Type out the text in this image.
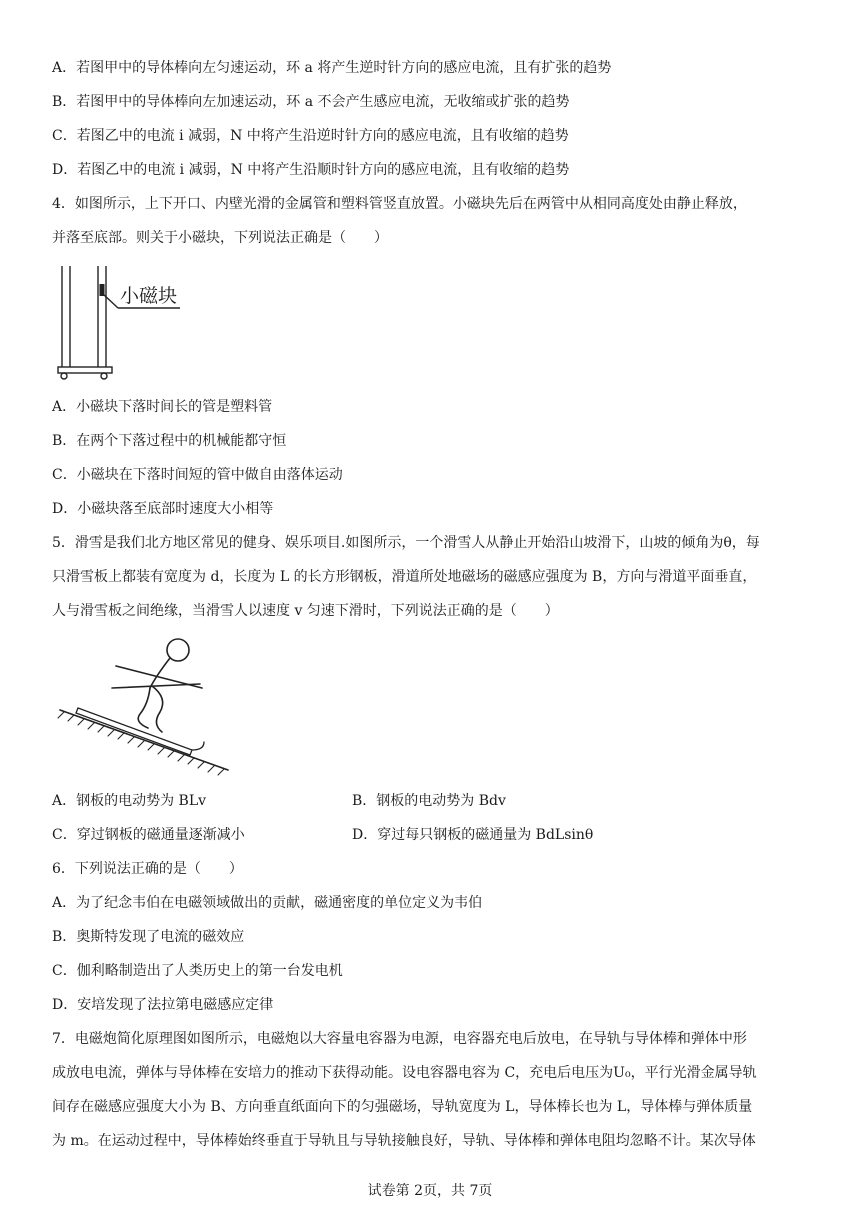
A．若图甲中的导体棒向左匀速运动，环 a 将产生逆时针方向的感应电流，且有扩张的趋势
B．若图甲中的导体棒向左加速运动，环 a 不会产生感应电流，无收缩或扩张的趋势
C．若图乙中的电流 i 减弱，N 中将产生沿逆时针方向的感应电流，且有收缩的趋势
D．若图乙中的电流 i 减弱，N 中将产生沿顺时针方向的感应电流，且有收缩的趋势
4．如图所示，上下开口、内壁光滑的金属管和塑料管竖直放置。小磁块先后在两管中从相同高度处由静止释放，
并落至底部。则关于小磁块，下列说法正确是（　　）
小磁块
A．小磁块下落时间长的管是塑料管
B．在两个下落过程中的机械能都守恒
C．小磁块在下落时间短的管中做自由落体运动
D．小磁块落至底部时速度大小相等
5．滑雪是我们北方地区常见的健身、娱乐项目.如图所示，一个滑雪人从静止开始沿山坡滑下，山坡的倾角为θ，每
只滑雪板上都装有宽度为 d，长度为 L 的长方形钢板，滑道所处地磁场的磁感应强度为 B，方向与滑道平面垂直，
人与滑雪板之间绝缘，当滑雪人以速度 v 匀速下滑时，下列说法正确的是（　　）
A．钢板的电动势为 BLv	B．钢板的电动势为 Bdv
C．穿过钢板的磁通量逐渐减小	D．穿过每只钢板的磁通量为 BdLsinθ
6．下列说法正确的是（　　）
A．为了纪念韦伯在电磁领域做出的贡献，磁通密度的单位定义为韦伯
B．奥斯特发现了电流的磁效应
C．伽利略制造出了人类历史上的第一台发电机
D．安培发现了法拉第电磁感应定律
7．电磁炮简化原理图如图所示，电磁炮以大容量电容器为电源，电容器充电后放电，在导轨与导体棒和弹体中形
成放电电流，弹体与导体棒在安培力的推动下获得动能。设电容器电容为 C，充电后电压为U₀，平行光滑金属导轨
间存在磁感应强度大小为 B、方向垂直纸面向下的匀强磁场，导轨宽度为 L，导体棒长也为 L，导体棒与弹体质量
为 m。在运动过程中，导体棒始终垂直于导轨且与导轨接触良好，导轨、导体棒和弹体电阻均忽略不计。某次导体
试卷第 2页，共 7页
